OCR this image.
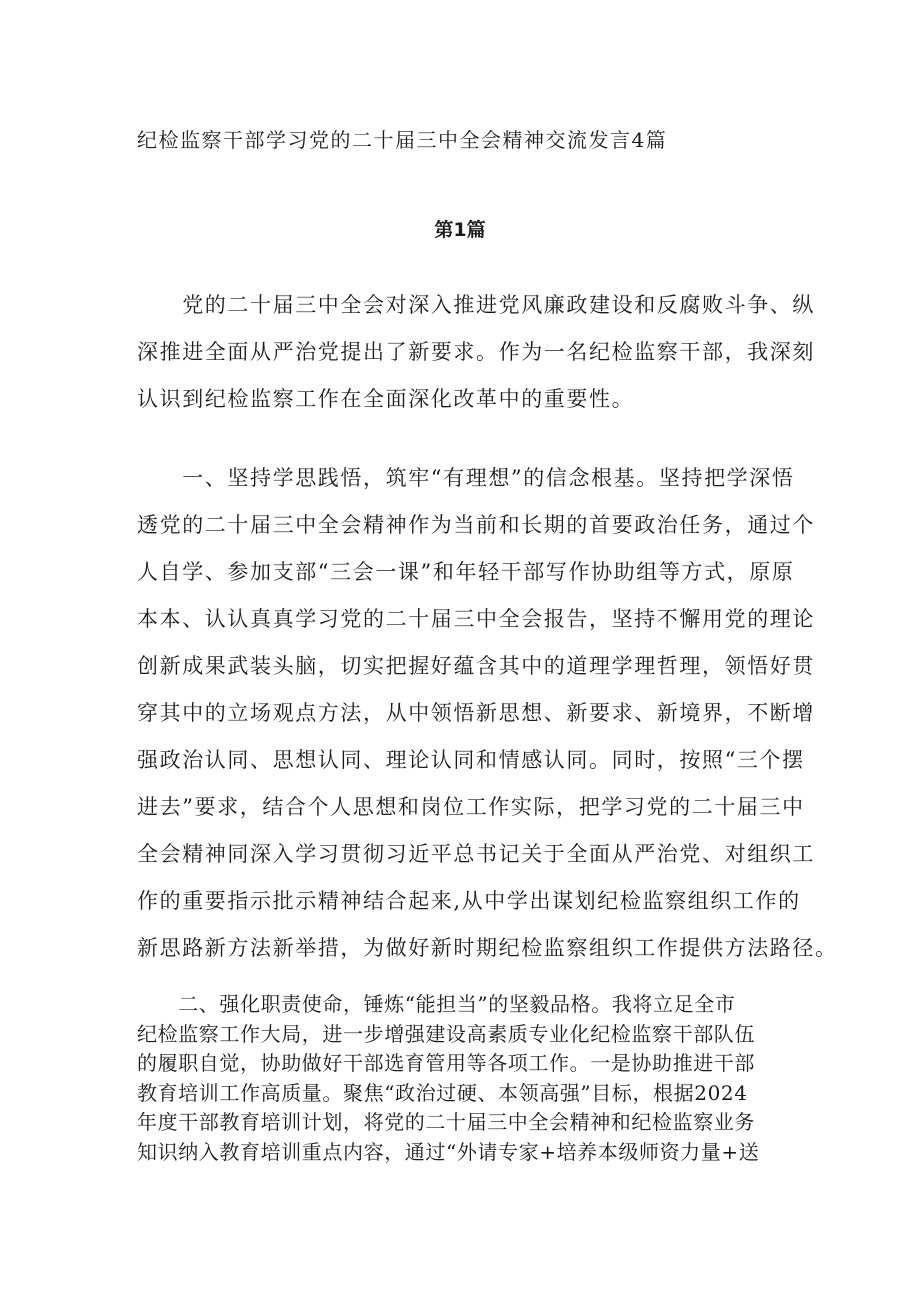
纪检监察干部学习党的二十届三中全会精神交流发言4篇
第1篇
　　党的二十届三中全会对深入推进党风廉政建设和反腐败斗争、纵
深推进全面从严治党提出了新要求。作为一名纪检监察干部，我深刻
认识到纪检监察工作在全面深化改革中的重要性。
　　一、坚持学思践悟，筑牢“有理想”的信念根基。坚持把学深悟
透党的二十届三中全会精神作为当前和长期的首要政治任务，通过个
人自学、参加支部“三会一课”和年轻干部写作协助组等方式，原原
本本、认认真真学习党的二十届三中全会报告，坚持不懈用党的理论
创新成果武装头脑，切实把握好蕴含其中的道理学理哲理，领悟好贯
穿其中的立场观点方法，从中领悟新思想、新要求、新境界，不断增
强政治认同、思想认同、理论认同和情感认同。同时，按照“三个摆
进去”要求，结合个人思想和岗位工作实际，把学习党的二十届三中
全会精神同深入学习贯彻习近平总书记关于全面从严治党、对组织工
作的重要指示批示精神结合起来,从中学出谋划纪检监察组织工作的
新思路新方法新举措，为做好新时期纪检监察组织工作提供方法路径。
　　二、强化职责使命，锤炼“能担当”的坚毅品格。我将立足全市
纪检监察工作大局，进一步增强建设高素质专业化纪检监察干部队伍
的履职自觉，协助做好干部选育管用等各项工作。一是协助推进干部
教育培训工作高质量。聚焦“政治过硬、本领高强”目标，根据2024
年度干部教育培训计划，将党的二十届三中全会精神和纪检监察业务
知识纳入教育培训重点内容，通过“外请专家+培养本级师资力量+送
